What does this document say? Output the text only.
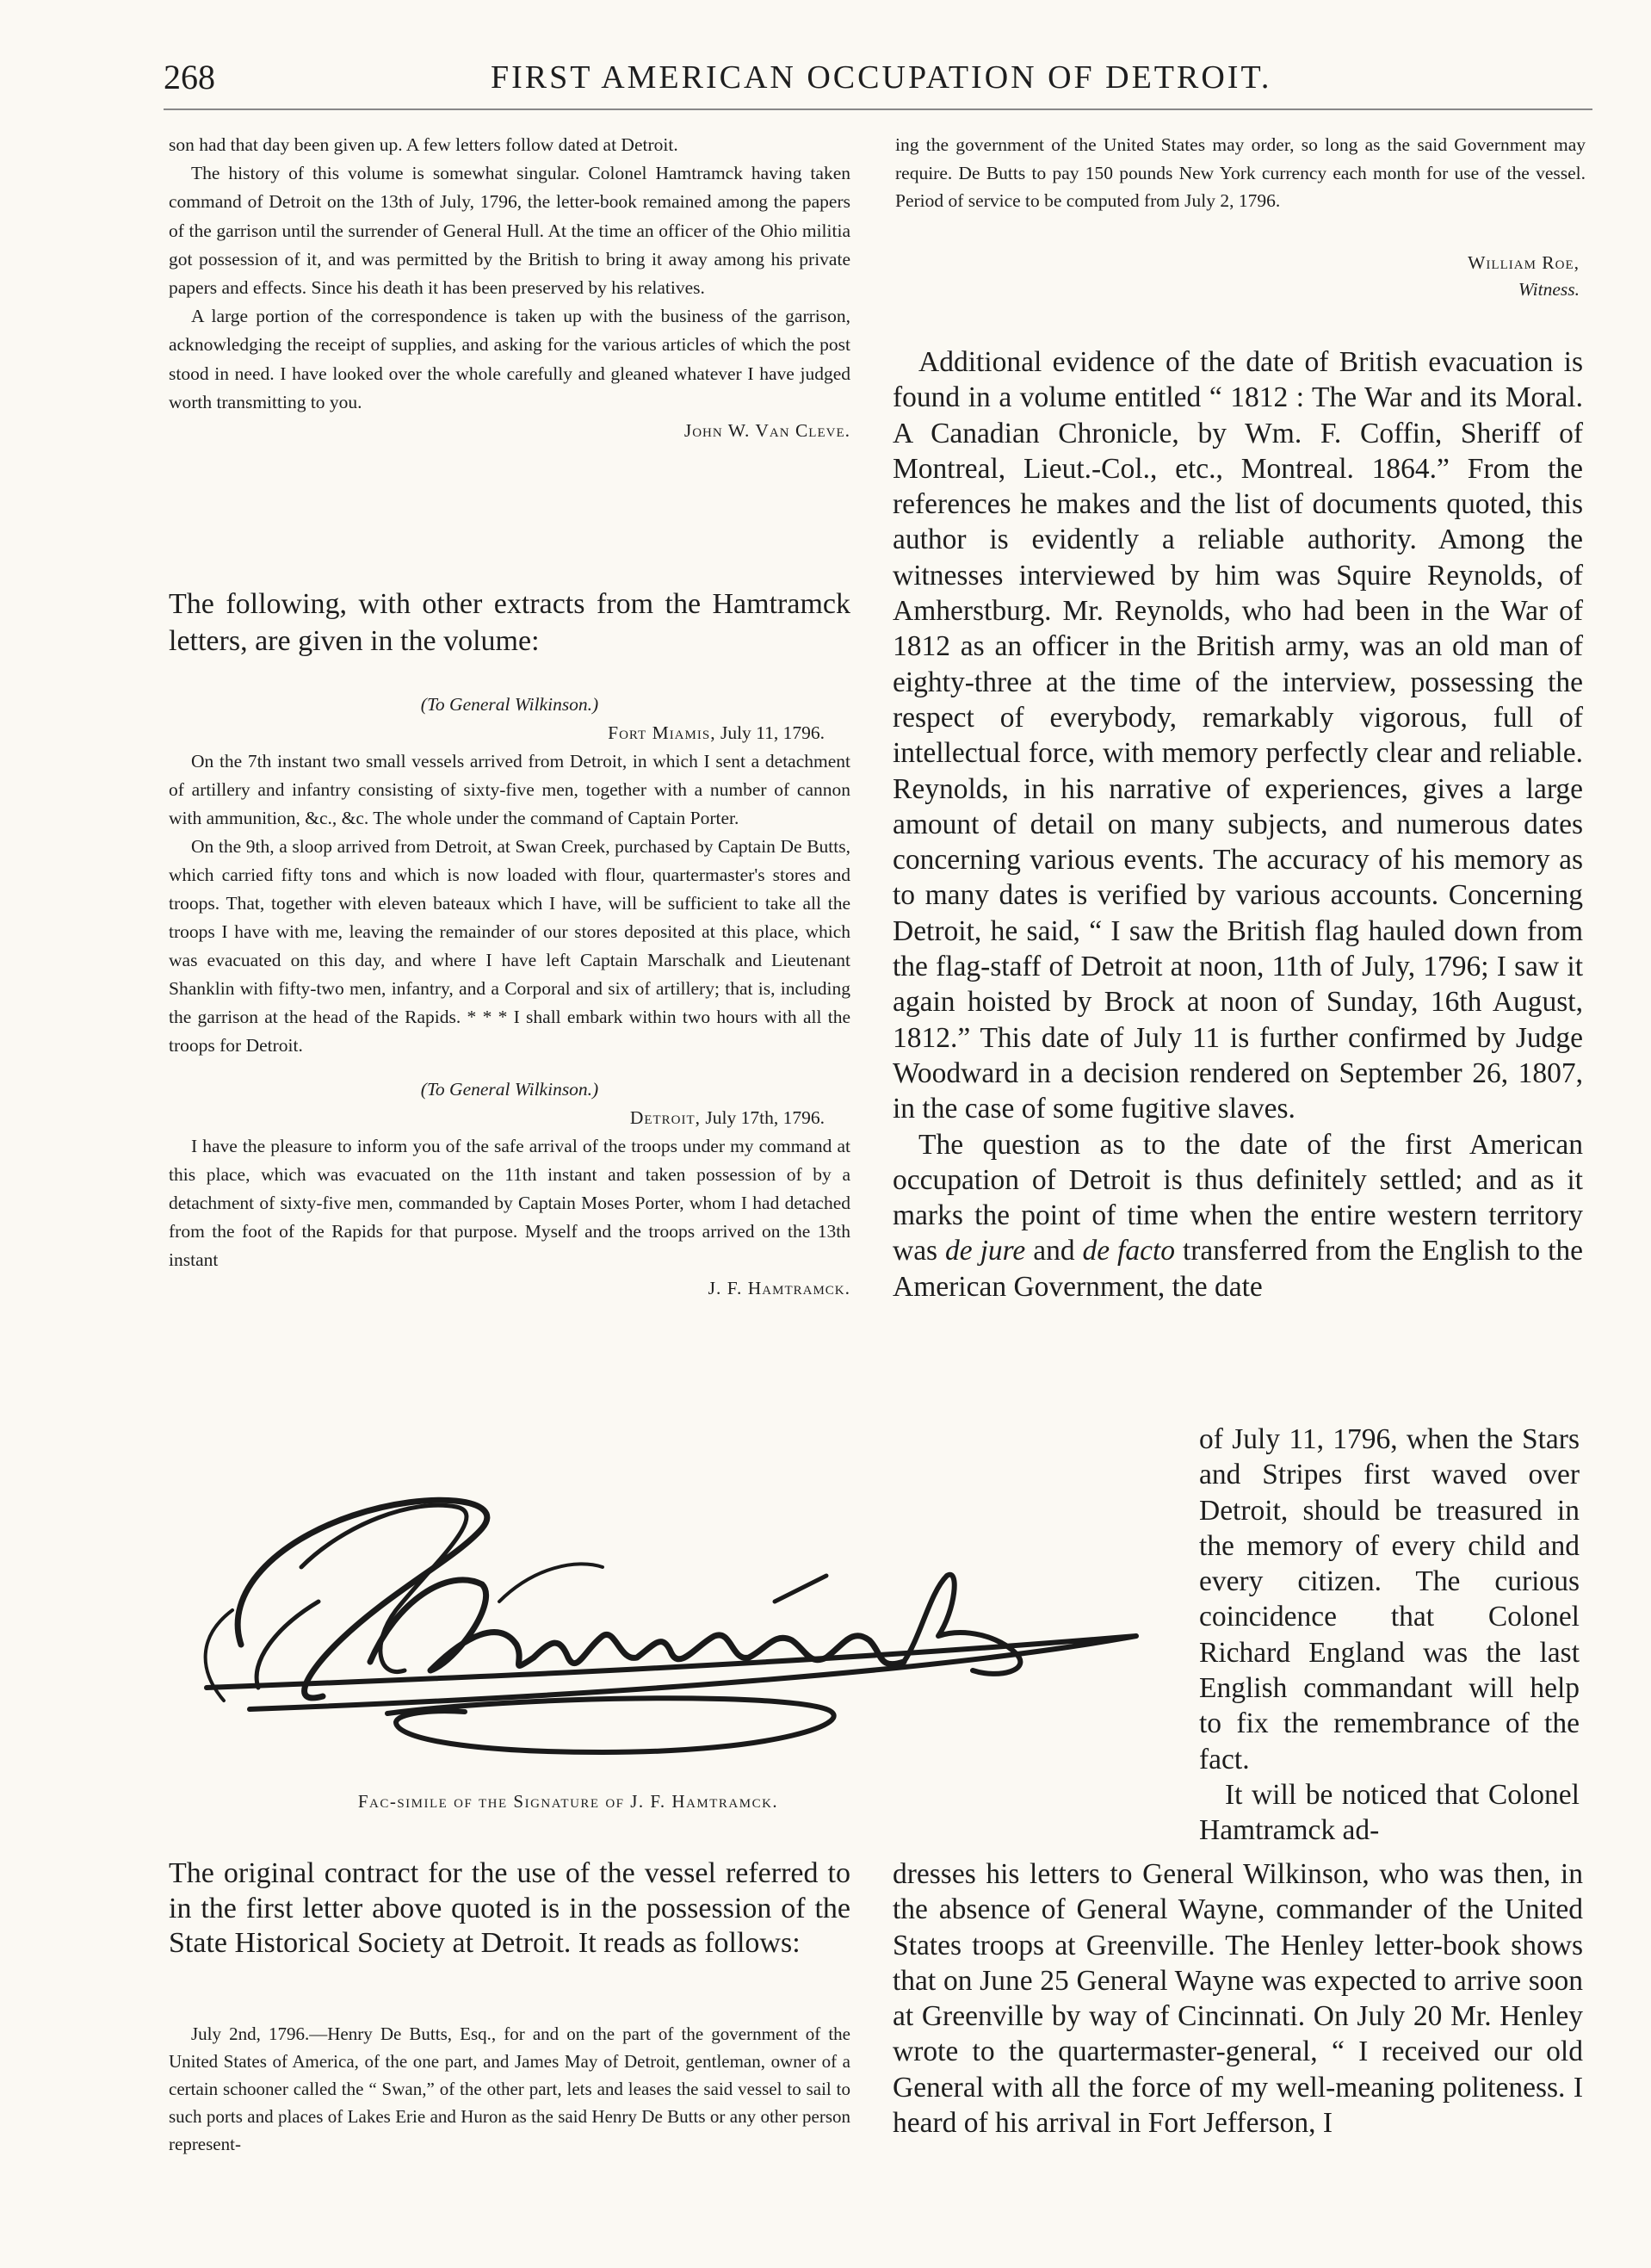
268	FIRST AMERICAN OCCUPATION OF DETROIT.

son had that day been given up. A few letters follow dated at Detroit.

The history of this volume is somewhat singular. Colonel Hamtramck having taken command of Detroit on the 13th of July, 1796, the letter-book remained among the papers of the garrison until the surrender of General Hull. At the time an officer of the Ohio militia got possession of it, and was permitted by the British to bring it away among his private papers and effects. Since his death it has been preserved by his relatives.

A large portion of the correspondence is taken up with the business of the garrison, acknowledging the receipt of supplies, and asking for the various articles of which the post stood in need. I have looked over the whole carefully and gleaned whatever I have judged worth transmitting to you.

John W. Van Cleve.

The following, with other extracts from the Hamtramck letters, are given in the volume:

(To General Wilkinson.)

Fort Miamis, July 11, 1796.

On the 7th instant two small vessels arrived from Detroit, in which I sent a detachment of artillery and infantry consisting of sixty-five men, together with a number of cannon with ammunition, &c., &c. The whole under the command of Captain Porter.

On the 9th, a sloop arrived from Detroit, at Swan Creek, purchased by Captain De Butts, which carried fifty tons and which is now loaded with flour, quartermaster's stores and troops. That, together with eleven bateaux which I have, will be sufficient to take all the troops I have with me, leaving the remainder of our stores deposited at this place, which was evacuated on this day, and where I have left Captain Marschalk and Lieutenant Shanklin with fifty-two men, infantry, and a Corporal and six of artillery; that is, including the garrison at the head of the Rapids. * * * I shall embark within two hours with all the troops for Detroit.

(To General Wilkinson.)

Detroit, July 17th, 1796.

I have the pleasure to inform you of the safe arrival of the troops under my command at this place, which was evacuated on the 11th instant and taken possession of by a detachment of sixty-five men, commanded by Captain Moses Porter, whom I had detached from the foot of the Rapids for that purpose. Myself and the troops arrived on the 13th instant

J. F. Hamtramck.

Fac-simile of the Signature of J. F. Hamtramck.
The original contract for the use of the vessel referred to in the first letter above quoted is in the possession of the State Historical Society at Detroit. It reads as follows:
July 2nd, 1796.—Henry De Butts, Esq., for and on the part of the government of the United States of America, of the one part, and James May of Detroit, gentleman, owner of a certain schooner called the “ Swan,” of the other part, lets and leases the said vessel to sail to such ports and places of Lakes Erie and Huron as the said Henry De Butts or any other person represent-
ing the government of the United States may order, so long as the said Government may require. De Butts to pay 150 pounds New York currency each month for use of the vessel. Period of service to be computed from July 2, 1796.
William Roe,
Witness.

Additional evidence of the date of British evacuation is found in a volume entitled “ 1812 : The War and its Moral. A Canadian Chronicle, by Wm. F. Coffin, Sheriff of Montreal, Lieut.-Col., etc., Montreal. 1864.” From the references he makes and the list of documents quoted, this author is evidently a reliable authority. Among the witnesses interviewed by him was Squire Reynolds, of Amherstburg. Mr. Reynolds, who had been in the War of 1812 as an officer in the British army, was an old man of eighty-three at the time of the interview, possessing the respect of everybody, remarkably vigorous, full of intellectual force, with memory perfectly clear and reliable. Reynolds, in his narrative of experiences, gives a large amount of detail on many subjects, and numerous dates concerning various events. The accuracy of his memory as to many dates is verified by various accounts. Concerning Detroit, he said, “ I saw the British flag hauled down from the flag-staff of Detroit at noon, 11th of July, 1796; I saw it again hoisted by Brock at noon of Sunday, 16th August, 1812.” This date of July 11 is further confirmed by Judge Woodward in a decision rendered on September 26, 1807, in the case of some fugitive slaves.

The question as to the date of the first American occupation of Detroit is thus definitely settled; and as it marks the point of time when the entire western territory was de jure and de facto transferred from the English to the American Government, the date

of July 11, 1796, when the Stars and Stripes first waved over Detroit, should be treasured in the memory of every child and every citizen. The curious coincidence that Colonel Richard England was the last English commandant will help to fix the remembrance of the fact.

It will be noticed that Colonel Hamtramck ad-

dresses his letters to General Wilkinson, who was then, in the absence of General Wayne, commander of the United States troops at Greenville. The Henley letter-book shows that on June 25 General Wayne was expected to arrive soon at Greenville by way of Cincinnati. On July 20 Mr. Henley wrote to the quartermaster-general, “ I received our old General with all the force of my well-meaning politeness. I heard of his arrival in Fort Jefferson, I
